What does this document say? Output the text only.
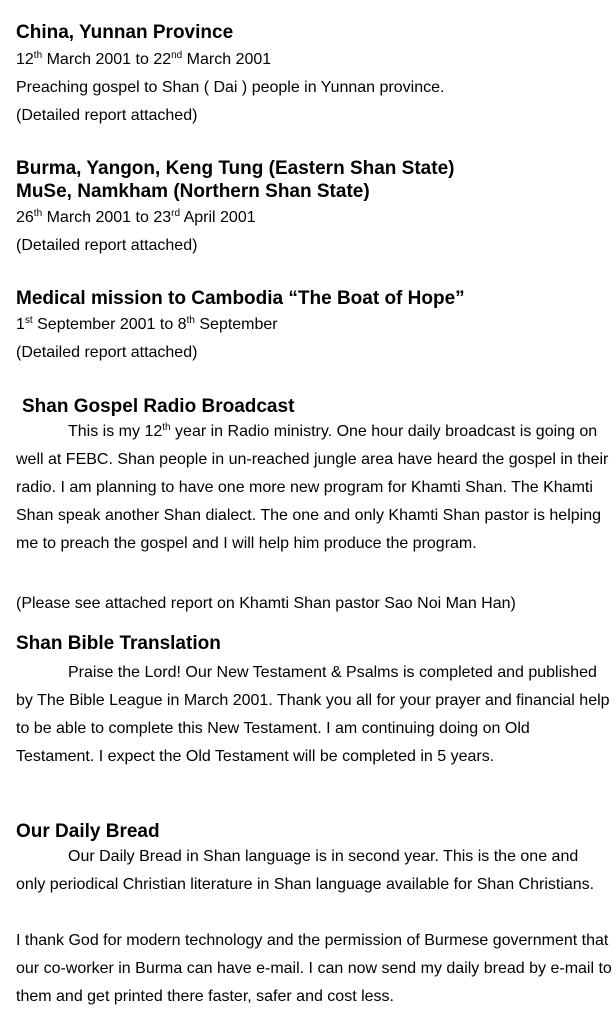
China, Yunnan Province

12th March 2001 to 22nd March 2001

Preaching gospel to Shan ( Dai ) people in Yunnan province.

(Detailed report attached)

Burma, Yangon, Keng Tung (Eastern Shan State)
MuSe, Namkham (Northern Shan State)

26th March 2001 to 23rd April 2001

(Detailed report attached)

Medical mission to Cambodia “The Boat of Hope”

1st September 2001 to 8th September

(Detailed report attached)

Shan Gospel Radio Broadcast

This is my 12th year in Radio ministry. One hour daily broadcast is going on well at FEBC. Shan people in un-reached jungle area have heard the gospel in their radio. I am planning to have one more new program for Khamti Shan. The Khamti Shan speak another Shan dialect. The one and only Khamti Shan pastor is helping me to preach the gospel and I will help him produce the program.

(Please see attached report on Khamti Shan pastor Sao Noi Man Han)

Shan Bible Translation

Praise the Lord! Our New Testament & Psalms is completed and published by The Bible League in March 2001. Thank you all for your prayer and financial help to be able to complete this New Testament. I am continuing doing on Old Testament. I expect the Old Testament will be completed in 5 years.

Our Daily Bread

Our Daily Bread in Shan language is in second year. This is the one and only periodical Christian literature in Shan language available for Shan Christians.

I thank God for modern technology and the permission of Burmese government that our co-worker in Burma can have e-mail. I can now send my daily bread by e-mail to them and get printed there faster, safer and cost less.
